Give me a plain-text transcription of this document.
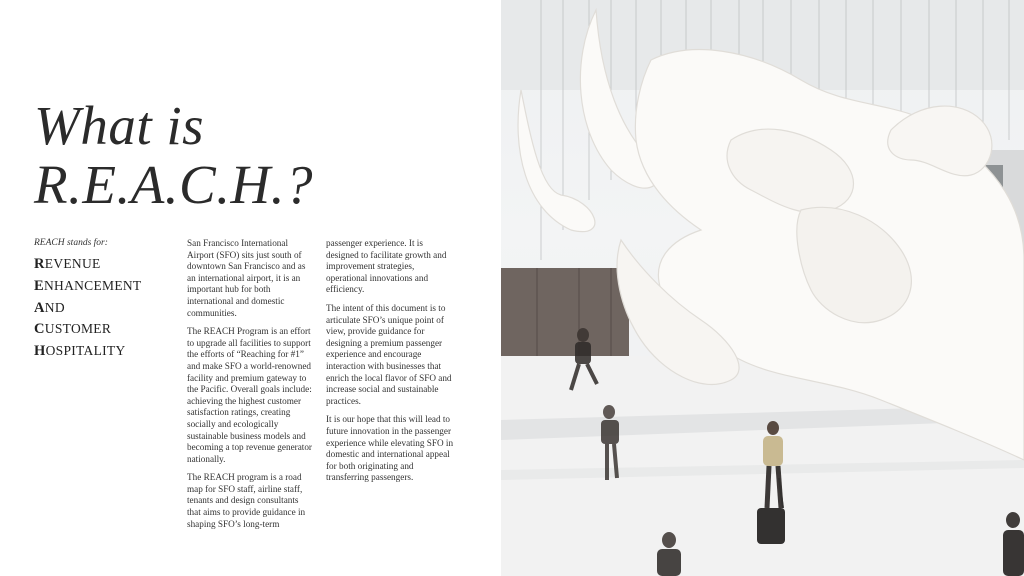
What is
R.E.A.C.H.?
REACH stands for:
REVENUE
ENHANCEMENT
AND
CUSTOMER
HOSPITALITY

San Francisco International Airport (SFO) sits just south of downtown San Francisco and as an international airport, it is an important hub for both international and domestic communities.

The REACH Program is an effort to upgrade all facilities to support the efforts of “Reaching for #1” and make SFO a world-renowned facility and premium gateway to the Pacific. Overall goals include: achieving the highest customer satisfaction ratings, creating socially and ecologically sustainable business models and becoming a top revenue generator nationally.

The REACH program is a road map for SFO staff, airline staff, tenants and design consultants that aims to provide guidance in shaping SFO’s long-term

passenger experience. It is designed to facilitate growth and improvement strategies, operational innovations and efficiency.

The intent of this document is to articulate SFO’s unique point of view, provide guidance for designing a premium passenger experience and encourage interaction with businesses that enrich the local flavor of SFO and increase social and sustainable practices.

It is our hope that this will lead to future innovation in the passenger experience while elevating SFO in domestic and international appeal for both originating and transferring passengers.
